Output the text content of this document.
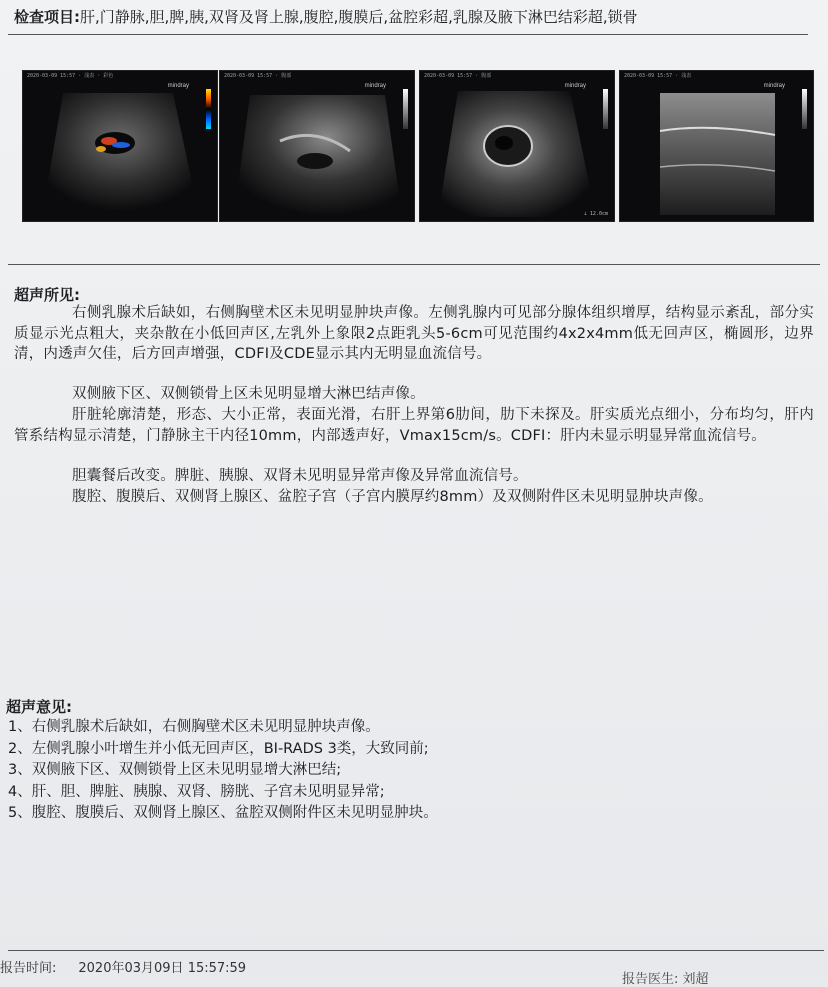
检查项目:肝,门静脉,胆,脾,胰,双肾及肾上腺,腹腔,腹膜后,盆腔彩超,乳腺及腋下淋巴结彩超,锁骨
2020-03-09 15:57 · 浅表 · 彩色
mindray
2020-03-09 15:57 · 腹部
mindray
2020-03-09 15:57 · 腹部
mindray
⊥ 12.0cm
2020-03-09 15:57 · 浅表
mindray
超声所见:
右侧乳腺术后缺如，右侧胸壁术区未见明显肿块声像。左侧乳腺内可见部分腺体组织增厚，结构显示紊乱，部分实质显示光点粗大，夹杂散在小低回声区,左乳外上象限2点距乳头5-6cm可见范围约4x2x4mm低无回声区，椭圆形，边界清，内透声欠佳，后方回声增强，CDFI及CDE显示其内无明显血流信号。
双侧腋下区、双侧锁骨上区未见明显增大淋巴结声像。
肝脏轮廓清楚，形态、大小正常，表面光滑，右肝上界第6肋间，肋下未探及。肝实质光点细小，分布均匀，肝内管系结构显示清楚，门静脉主干内径10mm，内部透声好，Vmax15cm/s。CDFI：肝内未显示明显异常血流信号。
胆囊餐后改变。脾脏、胰腺、双肾未见明显异常声像及异常血流信号。
腹腔、腹膜后、双侧肾上腺区、盆腔子宫（子宫内膜厚约8mm）及双侧附件区未见明显肿块声像。
超声意见:
1、右侧乳腺术后缺如，右侧胸壁术区未见明显肿块声像。
2、左侧乳腺小叶增生并小低无回声区，BI-RADS 3类，大致同前;
3、双侧腋下区、双侧锁骨上区未见明显增大淋巴结;
4、肝、胆、脾脏、胰腺、双肾、膀胱、子宫未见明显异常;
5、腹腔、腹膜后、双侧肾上腺区、盆腔双侧附件区未见明显肿块。
报告时间: 2020年03月09日 15:57:59
报告医生: 刘超
